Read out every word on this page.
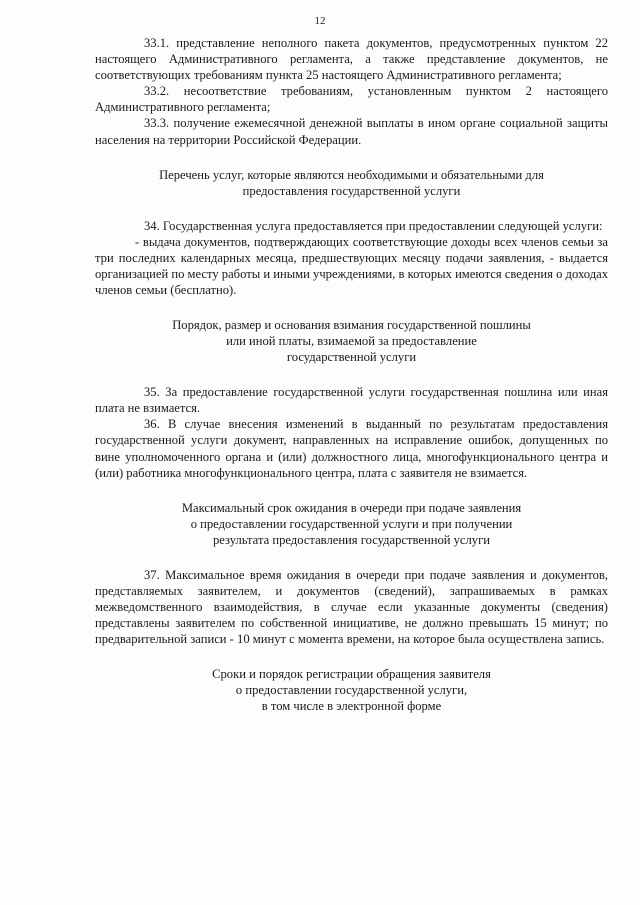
12

33.1. представление неполного пакета документов, предусмотренных пунктом 22 настоящего Административного регламента, а также представление документов, не соответствующих требованиям пункта 25 настоящего Административного регламента;

33.2. несоответствие требованиям, установленным пунктом 2 настоящего Административного регламента;

33.3. получение ежемесячной денежной выплаты в ином органе социальной защиты населения на территории Российской Федерации.

Перечень услуг, которые являются необходимыми и обязательными для
предоставления государственной услуги

34. Государственная услуга предоставляется при предоставлении следующей услуги:

- выдача документов, подтверждающих соответствующие доходы всех членов семьи за три последних календарных месяца, предшествующих месяцу подачи заявления, - выдается организацией по месту работы и иными учреждениями, в которых имеются сведения о доходах членов семьи (бесплатно).

Порядок, размер и основания взимания государственной пошлины
или иной платы, взимаемой за предоставление
государственной услуги

35. За предоставление государственной услуги государственная пошлина или иная плата не взимается.

36. В случае внесения изменений в выданный по результатам предоставления государственной услуги документ, направленных на исправление ошибок, допущенных по вине уполномоченного органа и (или) должностного лица, многофункционального центра и (или) работника многофункционального центра, плата с заявителя не взимается.

Максимальный срок ожидания в очереди при подаче заявления
о предоставлении государственной услуги и при получении
результата предоставления государственной услуги

37. Максимальное время ожидания в очереди при подаче заявления и документов, представляемых заявителем, и документов (сведений), запрашиваемых в рамках межведомственного взаимодействия, в случае если указанные документы (сведения) представлены заявителем по собственной инициативе, не должно превышать 15 минут; по предварительной записи - 10 минут с момента времени, на которое была осуществлена запись.

Сроки и порядок регистрации обращения заявителя
о предоставлении государственной услуги,
в том числе в электронной форме
